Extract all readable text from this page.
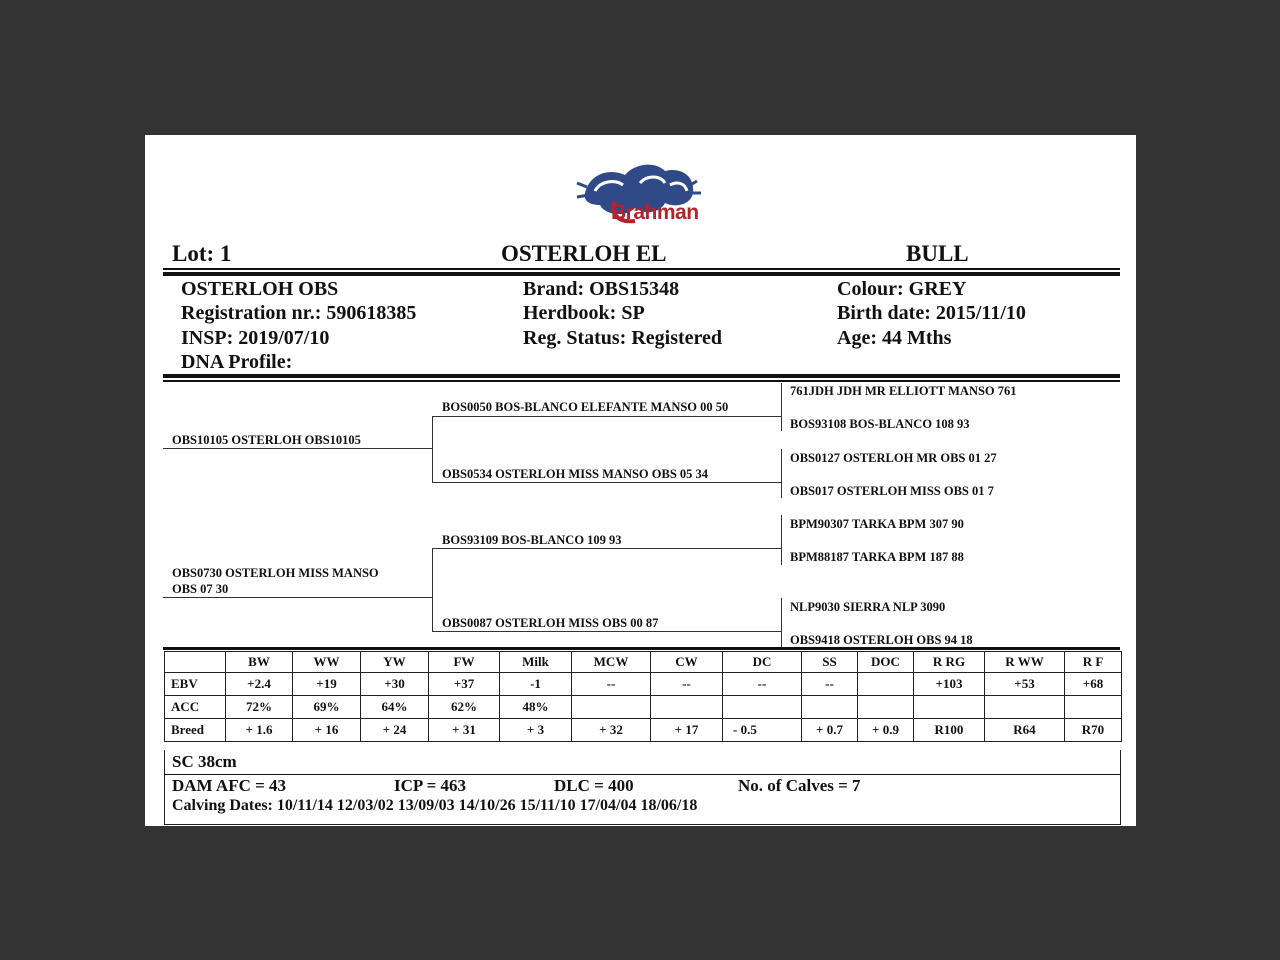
Brahman
Lot: 1	OSTERLOH EL	BULL
OSTERLOH OBS
Registration nr.: 590618385
INSP: 2019/07/10
DNA Profile:
Brand: OBS15348
Herdbook: SP
Reg. Status: Registered
Colour: GREY
Birth date: 2015/11/10
Age: 44 Mths
OBS10105 OSTERLOH OBS10105
OBS0730 OSTERLOH MISS MANSO
OBS 07 30
BOS0050 BOS-BLANCO ELEFANTE MANSO 00 50
OBS0534 OSTERLOH MISS MANSO OBS 05 34
BOS93109 BOS-BLANCO 109 93
OBS0087 OSTERLOH MISS OBS 00 87
761JDH JDH MR ELLIOTT MANSO 761
BOS93108 BOS-BLANCO 108 93
OBS0127 OSTERLOH MR OBS 01 27
OBS017 OSTERLOH MISS OBS 01 7
BPM90307 TARKA BPM 307 90
BPM88187 TARKA BPM 187 88
NLP9030 SIERRA NLP 3090
OBS9418 OSTERLOH OBS 94 18
	BW	WW	YW	FW	Milk	MCW	CW	DC	SS	DOC	R RG	R WW	R F
EBV	+2.4	+19	+30	+37	-1	--	--	--	--		+103	+53	+68
ACC	72%	69%	64%	62%	48%								
Breed	+ 1.6	+ 16	+ 24	+ 31	+ 3	+ 32	+ 17	- 0.5	+ 0.7	+ 0.9	R100	R64	R70
SC 38cm
DAM AFC = 43	ICP = 463	DLC = 400	No. of Calves = 7
Calving Dates: 10/11/14 12/03/02 13/09/03 14/10/26 15/11/10 17/04/04 18/06/18
